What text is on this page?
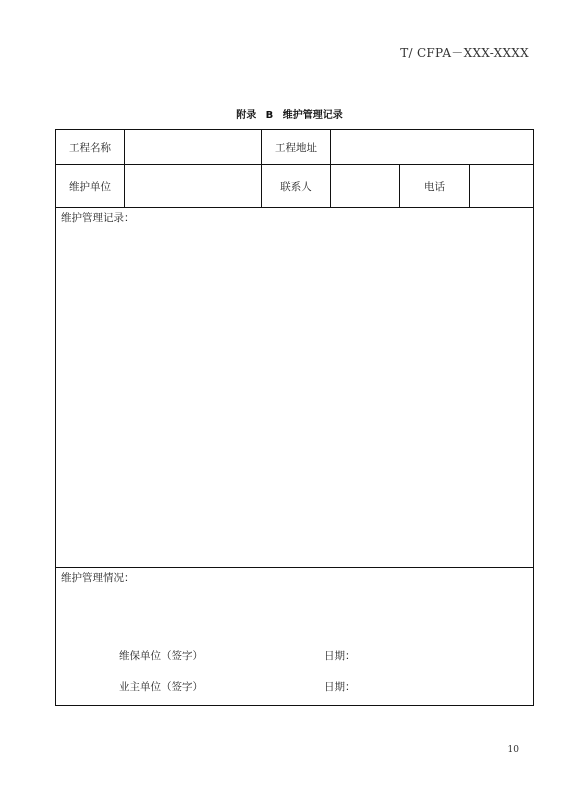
T/ CFPA－XXX-XXXX
附录 B 维护管理记录
工程名称	工程地址
维护单位	联系人	电话
维护管理记录：
维护管理情况：
维保单位（签字）	日期：
业主单位（签字）	日期：
10
